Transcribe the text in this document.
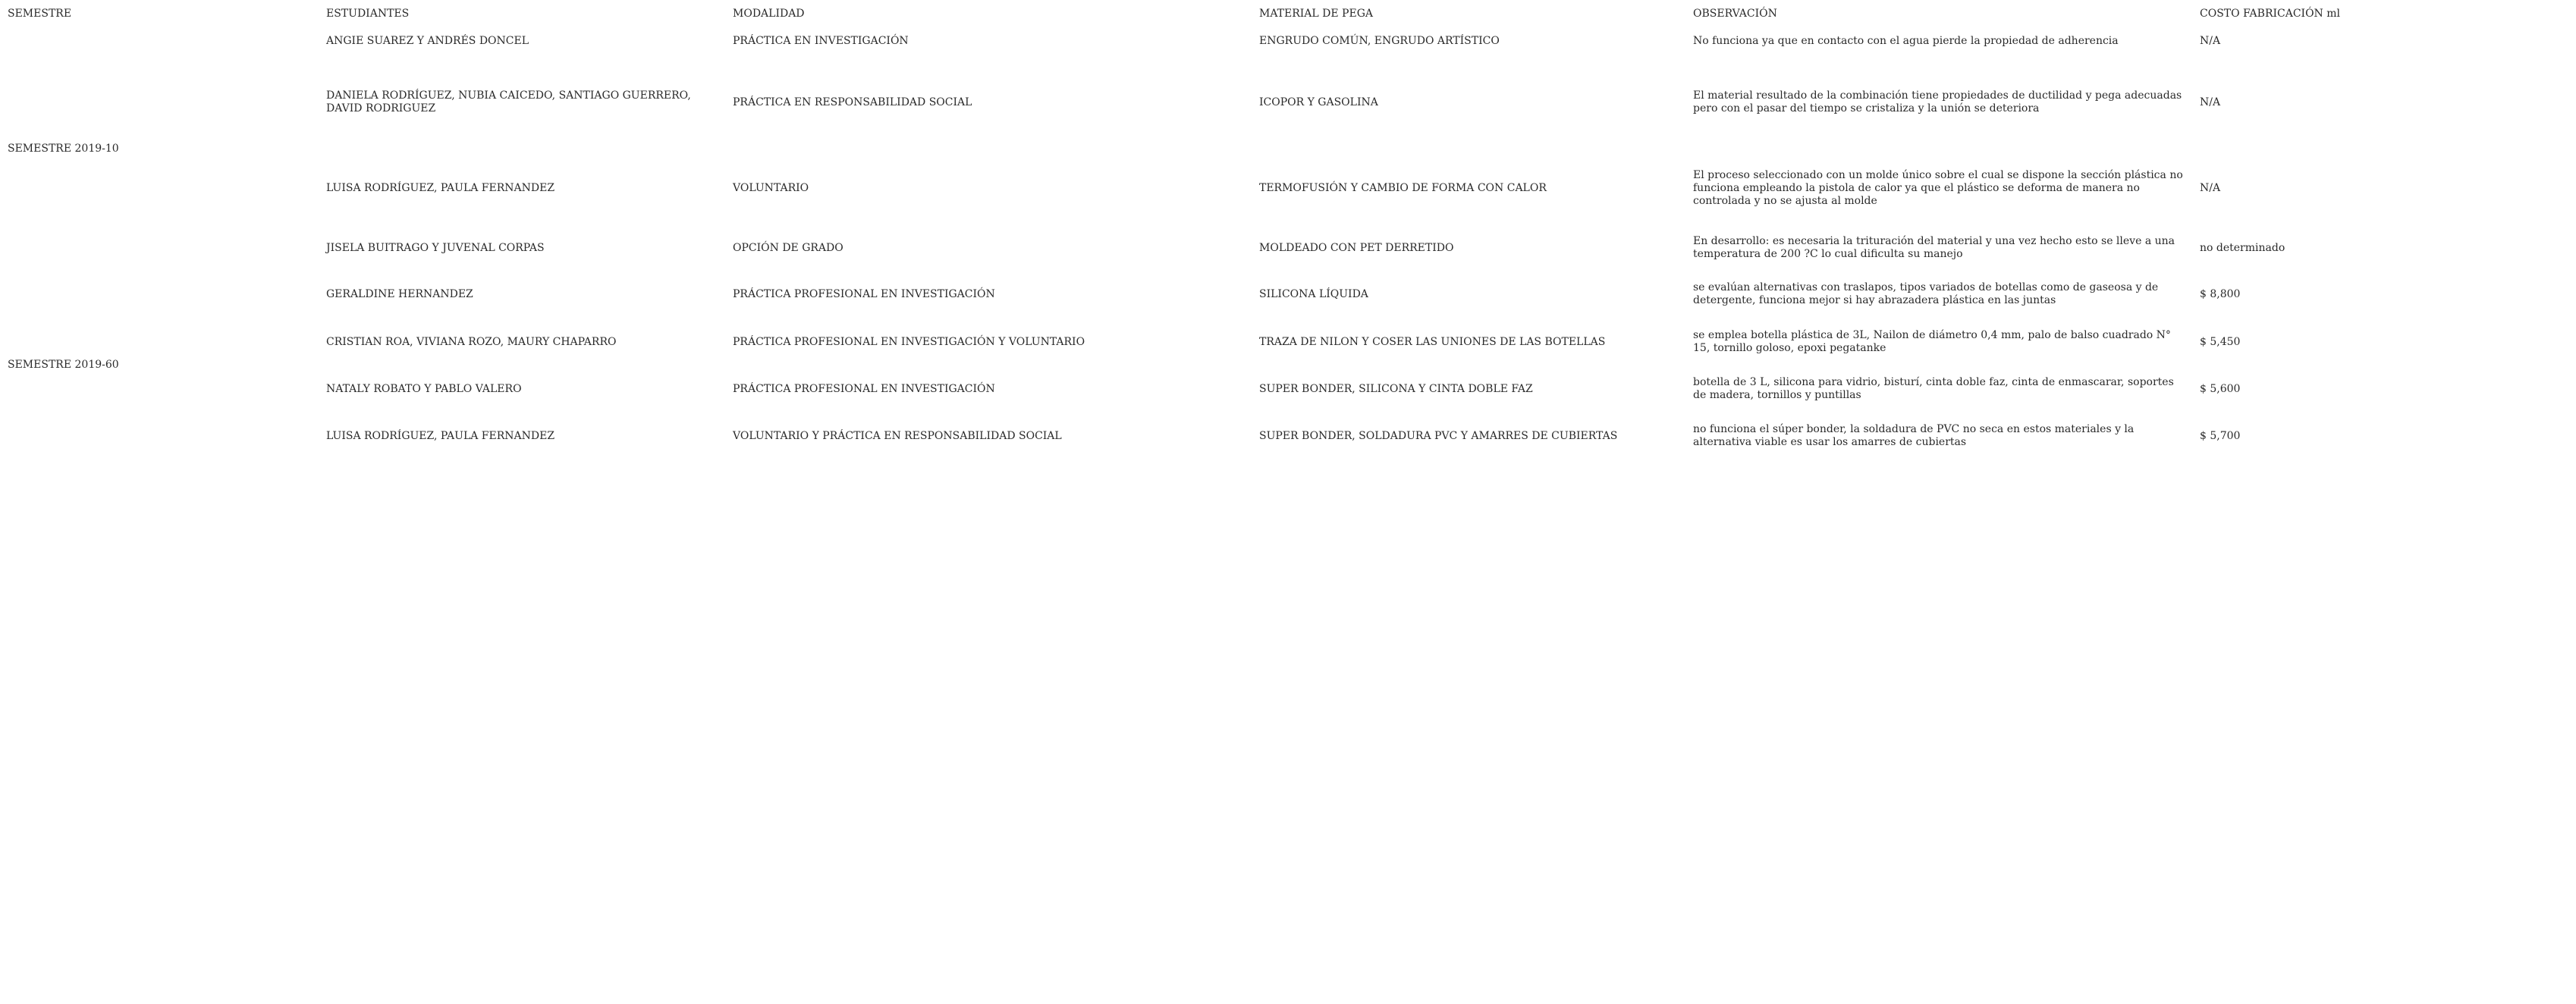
SEMESTRE	ESTUDIANTES	MODALIDAD	MATERIAL DE PEGA	OBSERVACIÓN	COSTO FABRICACIÓN ml
SEMESTRE 2019-10	ANGIE SUAREZ Y ANDRÉS DONCEL	PRÁCTICA EN INVESTIGACIÓN	ENGRUDO COMÚN, ENGRUDO ARTÍSTICO	No funciona ya que en contacto con el agua pierde la propiedad de adherencia	N/A
	DANIELA RODRÍGUEZ, NUBIA CAICEDO, SANTIAGO GUERRERO, DAVID RODRIGUEZ	PRÁCTICA EN RESPONSABILIDAD SOCIAL	ICOPOR Y GASOLINA	El material resultado de la combinación tiene propiedades de ductilidad y pega adecuadas pero con el pasar del tiempo se cristaliza y la unión se deteriora	N/A
	LUISA RODRÍGUEZ, PAULA FERNANDEZ	VOLUNTARIO	TERMOFUSIÓN Y CAMBIO DE FORMA CON CALOR	El proceso seleccionado con un molde único sobre el cual se dispone la sección plástica no funciona empleando la pistola de calor ya que el plástico se deforma de manera no controlada y no se ajusta al molde	N/A
	JISELA BUITRAGO Y JUVENAL CORPAS	OPCIÓN DE GRADO	MOLDEADO CON PET DERRETIDO	En desarrollo: es necesaria la trituración del material y una vez hecho esto se lleve a una temperatura de 200 ?C lo cual dificulta su manejo	no determinado
SEMESTRE 2019-60	GERALDINE HERNANDEZ	PRÁCTICA PROFESIONAL EN INVESTIGACIÓN	SILICONA LÍQUIDA	se evalúan alternativas con traslapos, tipos variados de botellas como de gaseosa y de detergente, funciona mejor si hay abrazadera plástica en las juntas	$ 8,800
	CRISTIAN ROA, VIVIANA ROZO, MAURY CHAPARRO	PRÁCTICA PROFESIONAL EN INVESTIGACIÓN Y VOLUNTARIO	TRAZA DE NILON Y COSER LAS UNIONES DE LAS BOTELLAS	se emplea botella plástica de 3L, Nailon de diámetro 0,4 mm, palo de balso cuadrado N° 15, tornillo goloso, epoxi pegatanke	$ 5,450
	NATALY ROBATO Y PABLO VALERO	PRÁCTICA PROFESIONAL EN INVESTIGACIÓN	SUPER BONDER, SILICONA Y CINTA DOBLE FAZ	botella de 3 L, silicona para vidrio, bisturí, cinta doble faz, cinta de enmascarar, soportes de madera, tornillos y puntillas	$ 5,600
	LUISA RODRÍGUEZ, PAULA FERNANDEZ	VOLUNTARIO Y PRÁCTICA EN RESPONSABILIDAD SOCIAL	SUPER BONDER, SOLDADURA PVC Y AMARRES DE CUBIERTAS	no funciona el súper bonder, la soldadura de PVC no seca en estos materiales y la alternativa viable es usar los amarres de cubiertas	$ 5,700
